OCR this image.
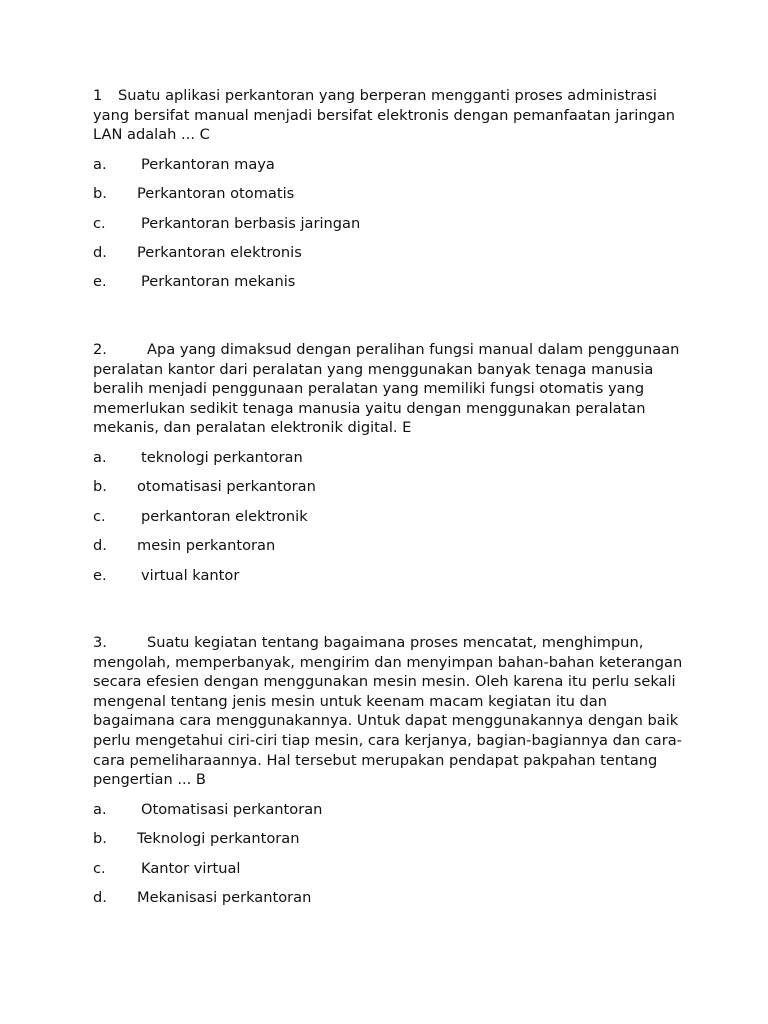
1 Suatu aplikasi perkantoran yang berperan mengganti proses administrasi yang bersifat manual menjadi bersifat elektronis dengan pemanfaatan jaringan LAN adalah ... C

a.	Perkantoran maya
b.	Perkantoran otomatis
c.	Perkantoran berbasis jaringan
d.	Perkantoran elektronis
e.	Perkantoran mekanis

2.	Apa yang dimaksud dengan peralihan fungsi manual dalam penggunaan peralatan kantor dari peralatan yang menggunakan banyak tenaga manusia beralih menjadi penggunaan peralatan yang memiliki fungsi otomatis yang memerlukan sedikit tenaga manusia yaitu dengan menggunakan peralatan mekanis, dan peralatan elektronik digital. E

a.	teknologi perkantoran
b.	otomatisasi perkantoran
c.	perkantoran elektronik
d.	mesin perkantoran
e.	virtual kantor

3.	Suatu kegiatan tentang bagaimana proses mencatat, menghimpun, mengolah, memperbanyak, mengirim dan menyimpan bahan-bahan keterangan secara efesien dengan menggunakan mesin mesin. Oleh karena itu perlu sekali mengenal tentang jenis mesin untuk keenam macam kegiatan itu dan bagaimana cara menggunakannya. Untuk dapat menggunakannya dengan baik perlu mengetahui ciri-ciri tiap mesin, cara kerjanya, bagian-bagiannya dan cara-cara pemeliharaannya. Hal tersebut merupakan pendapat pakpahan tentang pengertian ... B

a.	Otomatisasi perkantoran
b.	Teknologi perkantoran
c.	Kantor virtual
d.	Mekanisasi perkantoran
